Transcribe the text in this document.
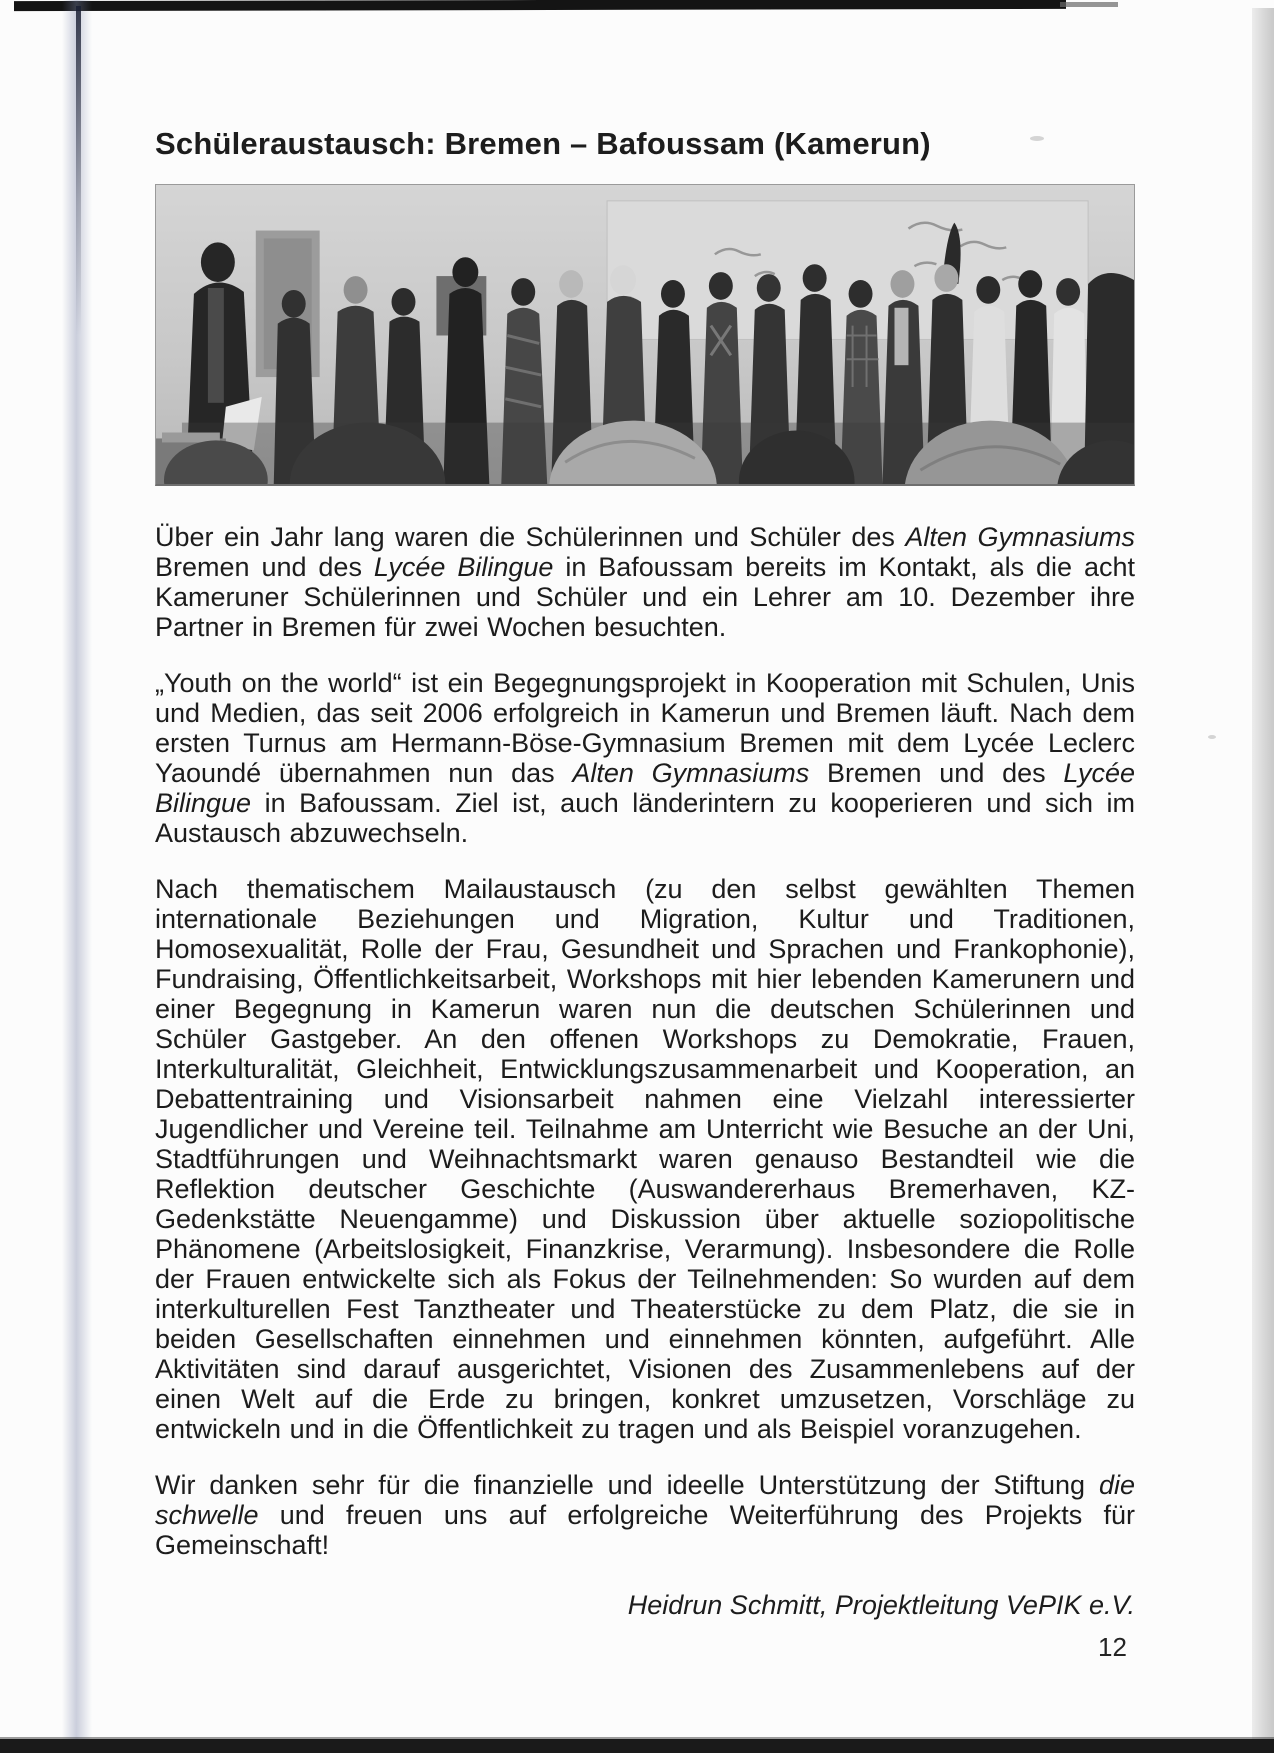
Schüleraustausch: Bremen – Bafoussam (Kamerun)

Über ein Jahr lang waren die Schülerinnen und Schüler des Alten Gymnasiums Bremen und des Lycée Bilingue in Bafoussam bereits im Kontakt, als die acht Kameruner Schülerinnen und Schüler und ein Lehrer am 10. Dezember ihre Partner in Bremen für zwei Wochen besuchten.

„Youth on the world“ ist ein Begegnungsprojekt in Kooperation mit Schulen, Unis und Medien, das seit 2006 erfolgreich in Kamerun und Bremen läuft. Nach dem ersten Turnus am Hermann-Böse-Gymnasium Bremen mit dem Lycée Leclerc Yaoundé übernahmen nun das Alten Gymnasiums Bremen und des Lycée Bilingue in Bafoussam. Ziel ist, auch länderintern zu kooperieren und sich im Austausch abzuwechseln.

Nach thematischem Mailaustausch (zu den selbst gewählten Themen internationale Beziehungen und Migration, Kultur und Traditionen, Homosexualität, Rolle der Frau, Gesundheit und Sprachen und Frankophonie), Fundraising, Öffentlichkeitsarbeit, Workshops mit hier lebenden Kamerunern und einer Begegnung in Kamerun waren nun die deutschen Schülerinnen und Schüler Gastgeber. An den offenen Workshops zu Demokratie, Frauen, Interkulturalität, Gleichheit, Entwicklungszusammenarbeit und Kooperation, an Debattentraining und Visionsarbeit nahmen eine Vielzahl interessierter Jugendlicher und Vereine teil. Teilnahme am Unterricht wie Besuche an der Uni, Stadtführungen und Weihnachtsmarkt waren genauso Bestandteil wie die Reflektion deutscher Geschichte (Auswandererhaus Bremerhaven, KZ-Gedenkstätte Neuengamme) und Diskussion über aktuelle soziopolitische Phänomene (Arbeitslosigkeit, Finanzkrise, Verarmung). Insbesondere die Rolle der Frauen entwickelte sich als Fokus der Teilnehmenden: So wurden auf dem interkulturellen Fest Tanztheater und Theaterstücke zu dem Platz, die sie in beiden Gesellschaften einnehmen und einnehmen könnten, aufgeführt. Alle Aktivitäten sind darauf ausgerichtet, Visionen des Zusammenlebens auf der einen Welt auf die Erde zu bringen, konkret umzusetzen, Vorschläge zu entwickeln und in die Öffentlichkeit zu tragen und als Beispiel voranzugehen.

Wir danken sehr für die finanzielle und ideelle Unterstützung der Stiftung die schwelle und freuen uns auf erfolgreiche Weiterführung des Projekts für Gemeinschaft!

Heidrun Schmitt, Projektleitung VePIK e.V.

12
